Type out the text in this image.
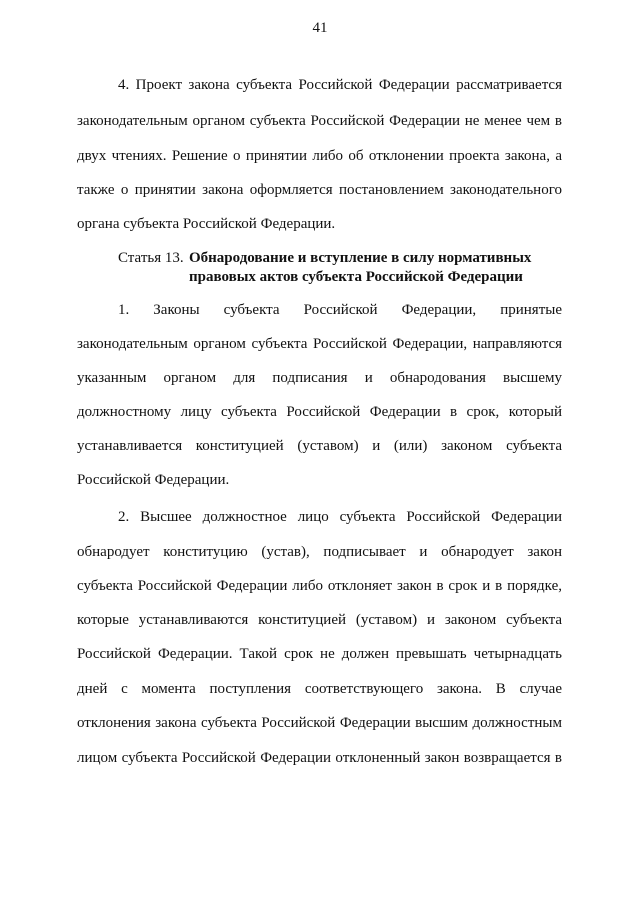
41
4. Проект закона субъекта Российской Федерации рассматривается
законодательным органом субъекта Российской Федерации не менее чем в
двух чтениях. Решение о принятии либо об отклонении проекта закона, а
также о принятии закона оформляется постановлением законодательного
органа субъекта Российской Федерации.
Статья 13. Обнародование и вступление в силу нормативных
правовых актов субъекта Российской Федерации
1. Законы субъекта Российской Федерации, принятые
законодательным органом субъекта Российской Федерации, направляются
указанным органом для подписания и обнародования высшему
должностному лицу субъекта Российской Федерации в срок, который
устанавливается конституцией (уставом) и (или) законом субъекта
Российской Федерации.
2. Высшее должностное лицо субъекта Российской Федерации
обнародует конституцию (устав), подписывает и обнародует закон
субъекта Российской Федерации либо отклоняет закон в срок и в порядке,
которые устанавливаются конституцией (уставом) и законом субъекта
Российской Федерации. Такой срок не должен превышать четырнадцать
дней с момента поступления соответствующего закона. В случае
отклонения закона субъекта Российской Федерации высшим должностным
лицом субъекта Российской Федерации отклоненный закон возвращается в
